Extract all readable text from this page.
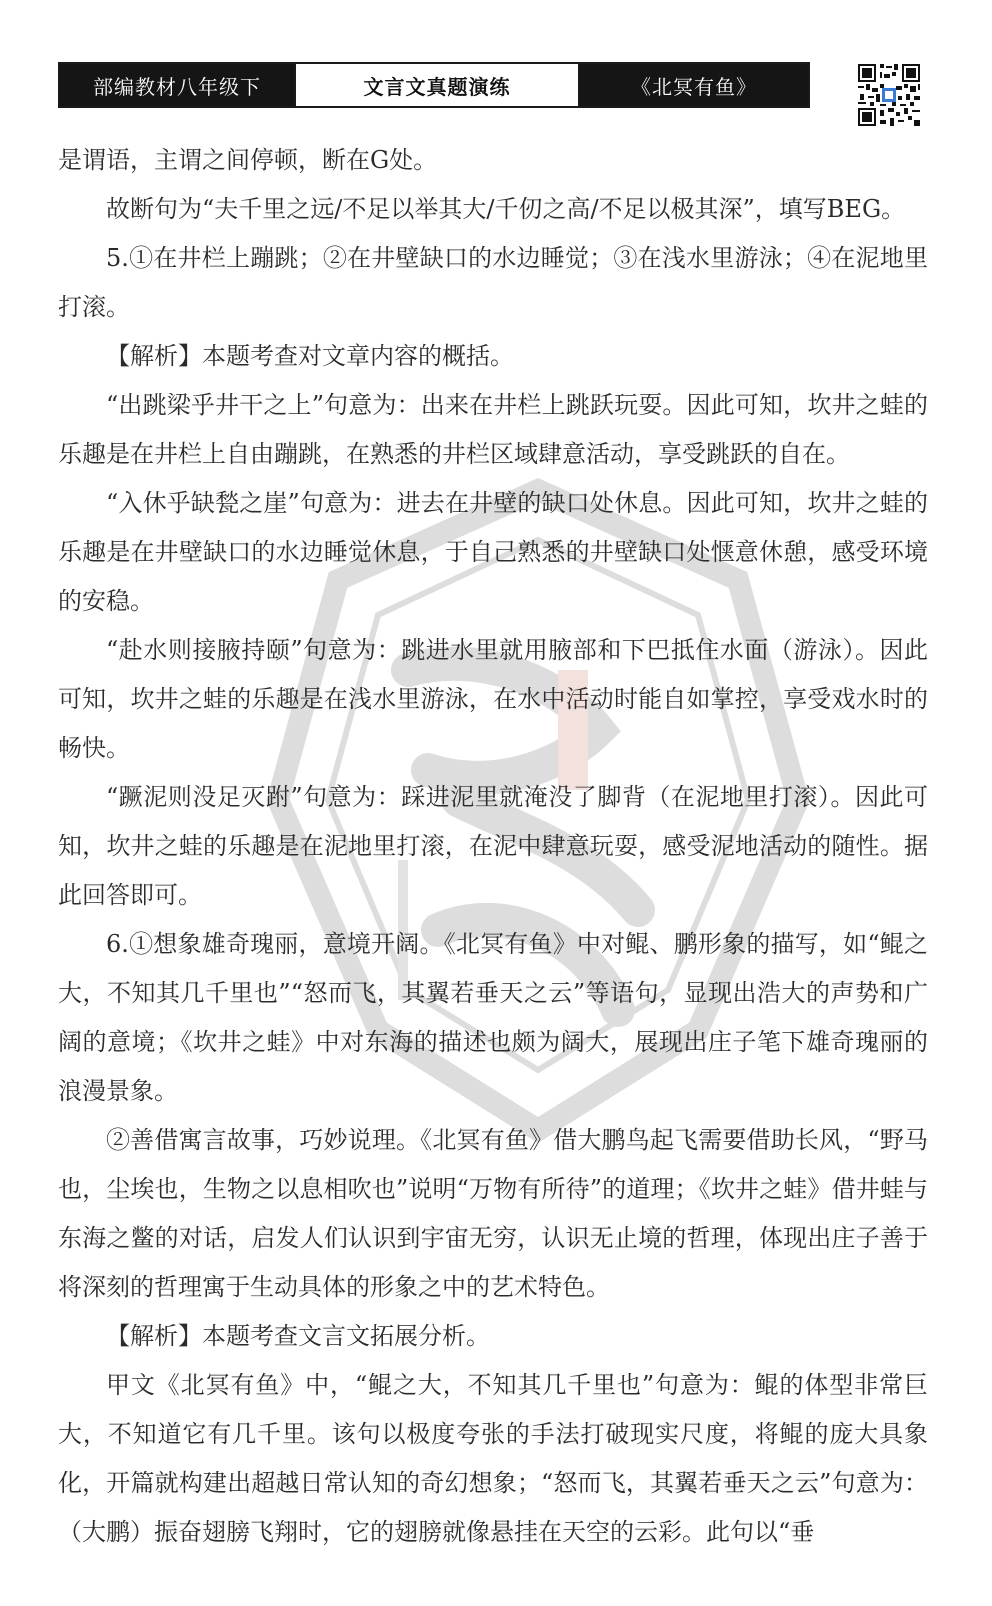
部编教材八年级下	文言文真题演练	《北冥有鱼》

是谓语，主谓之间停顿，断在G处。

故断句为“夫千里之远/不足以举其大/千仞之高/不足以极其深”，填写BEG。

5.①在井栏上蹦跳；②在井壁缺口的水边睡觉；③在浅水里游泳；④在泥地里打滚。

【解析】本题考查对文章内容的概括。

“出跳梁乎井干之上”句意为：出来在井栏上跳跃玩耍。因此可知，坎井之蛙的乐趣是在井栏上自由蹦跳，在熟悉的井栏区域肆意活动，享受跳跃的自在。

“入休乎缺甃之崖”句意为：进去在井壁的缺口处休息。因此可知，坎井之蛙的乐趣是在井壁缺口的水边睡觉休息，于自己熟悉的井壁缺口处惬意休憩，感受环境的安稳。

“赴水则接腋持颐”句意为：跳进水里就用腋部和下巴抵住水面（游泳）。因此可知，坎井之蛙的乐趣是在浅水里游泳，在水中活动时能自如掌控，享受戏水时的畅快。

“蹶泥则没足灭跗”句意为：踩进泥里就淹没了脚背（在泥地里打滚）。因此可知，坎井之蛙的乐趣是在泥地里打滚，在泥中肆意玩耍，感受泥地活动的随性。据此回答即可。

6.①想象雄奇瑰丽，意境开阔。《北冥有鱼》中对鲲、鹏形象的描写，如“鲲之大，不知其几千里也”“怒而飞，其翼若垂天之云”等语句，显现出浩大的声势和广阔的意境；《坎井之蛙》中对东海的描述也颇为阔大，展现出庄子笔下雄奇瑰丽的浪漫景象。

②善借寓言故事，巧妙说理。《北冥有鱼》借大鹏鸟起飞需要借助长风，“野马也，尘埃也，生物之以息相吹也”说明“万物有所待”的道理；《坎井之蛙》借井蛙与东海之鳖的对话，启发人们认识到宇宙无穷，认识无止境的哲理，体现出庄子善于将深刻的哲理寓于生动具体的形象之中的艺术特色。

【解析】本题考查文言文拓展分析。

甲文《北冥有鱼》中，“鲲之大，不知其几千里也”句意为：鲲的体型非常巨大，不知道它有几千里。该句以极度夸张的手法打破现实尺度，将鲲的庞大具象化，开篇就构建出超越日常认知的奇幻想象；“怒而飞，其翼若垂天之云”句意为：（大鹏）振奋翅膀飞翔时，它的翅膀就像悬挂在天空的云彩。此句以“垂
